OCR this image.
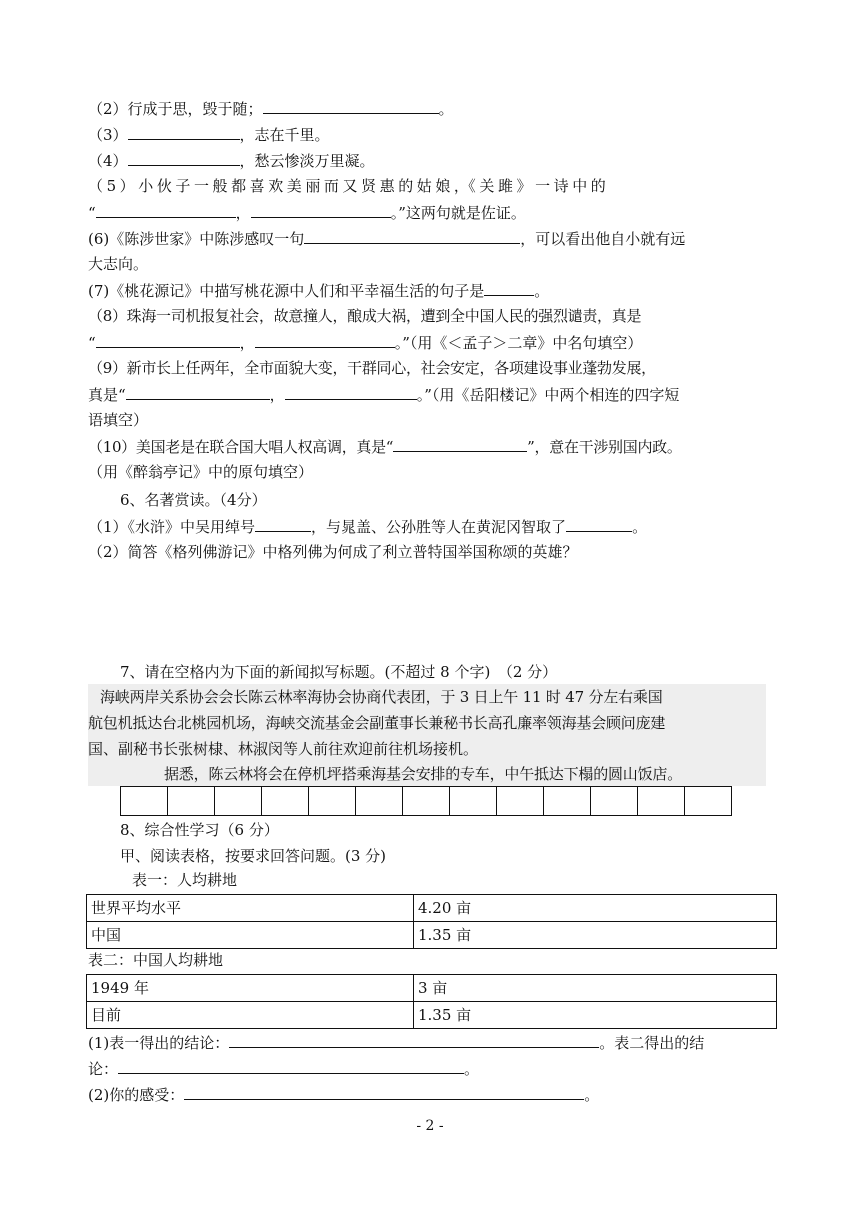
（2）行成于思，毁于随；	。
（3）	，志在千里。
（4）	，愁云惨淡万里凝。
（ 5 ） 小 伙 子 一 般 都 喜 欢 美 丽 而 又 贤 惠 的 姑 娘 ，《 关 雎 》 一 诗 中 的
“	，	。”这两句就是佐证。
(6)《陈涉世家》中陈涉感叹一句	，可以看出他自小就有远
大志向。
(7)《桃花源记》中描写桃花源中人们和平幸福生活的句子是	。
（8）珠海一司机报复社会，故意撞人，酿成大祸，遭到全中国人民的强烈谴责，真是
“	，	。”（用《＜孟子＞二章》中名句填空）
（9）新市长上任两年，全市面貌大变，干群同心，社会安定，各项建设事业蓬勃发展，
真是“	，	。”（用《岳阳楼记》中两个相连的四字短
语填空）
（10）美国老是在联合国大唱人权高调，真是“	”，意在干涉别国内政。
（用《醉翁亭记》中的原句填空）
6、名著赏读。（4分）
（1）《水浒》中吴用绰号	，与晁盖、公孙胜等人在黄泥冈智取了	。
（2）简答《格列佛游记》中格列佛为何成了利立普特国举国称颂的英雄？
7、请在空格内为下面的新闻拟写标题。(不超过 8 个字)　（2 分）
海峡两岸关系协会会长陈云林率海协会协商代表团，于 3 日上午 11 时 47 分左右乘国
航包机抵达台北桃园机场，海峡交流基金会副董事长兼秘书长高孔廉率领海基会顾问庞建
国、副秘书长张树棣、林淑闵等人前往欢迎前往机场接机。
据悉，陈云林将会在停机坪搭乘海基会安排的专车，中午抵达下榻的圆山饭店。
8、综合性学习（6 分）
甲、阅读表格，按要求回答问题。(3 分)
表一：人均耕地
世界平均水平	4.20 亩
中国	1.35 亩
表二：中国人均耕地
1949 年	3 亩
目前	1.35 亩
(1)表一得出的结论：	。表二得出的结
论：	。
(2)你的感受：	。
- 2 -
